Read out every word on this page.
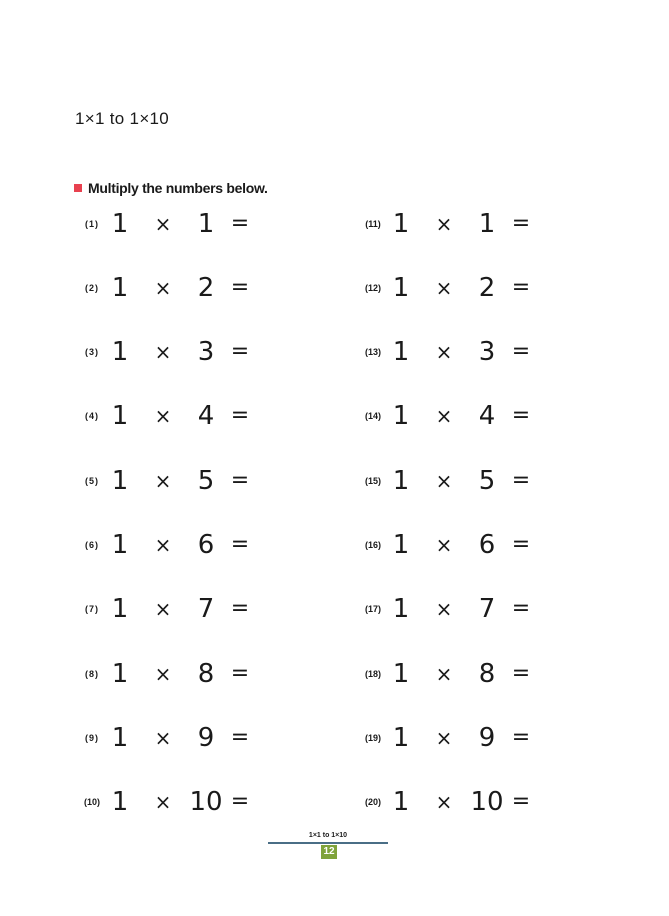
1×1 to 1×10
Multiply the numbers below.
(1) 1 ×	1 =
(2) 1 ×	2 =
(3) 1 ×	3 =
(4) 1 ×	4 =
(5) 1 ×	5 =
(6) 1 ×	6 =
(7) 1 ×	7 =
(8) 1 ×	8 =
(9) 1 ×	9 =
(10) 1 × 10 =
(11) 1 ×	1 =
(12) 1 ×	2 =
(13) 1 ×	3 =
(14) 1 ×	4 =
(15) 1 ×	5 =
(16) 1 ×	6 =
(17) 1 ×	7 =
(18) 1 ×	8 =
(19) 1 ×	9 =
(20) 1 × 10 =
1×1 to 1×10
12
